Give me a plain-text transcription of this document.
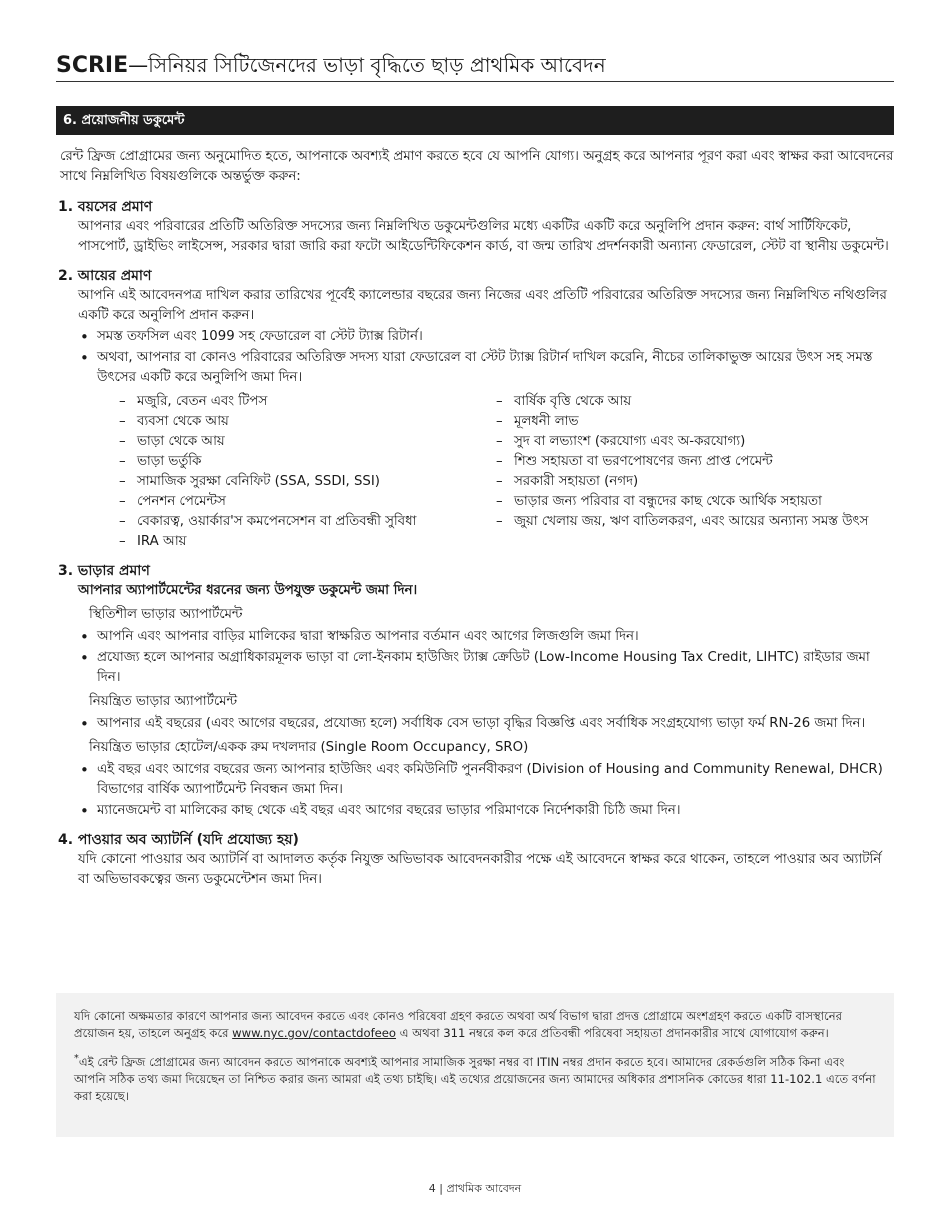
SCRIE—সিনিয়র সিটিজেনদের ভাড়া বৃদ্ধিতে ছাড় প্রাথমিক আবেদন
6. প্রয়োজনীয় ডকুমেন্ট

রেন্ট ফ্রিজ প্রোগ্রামের জন্য অনুমোদিত হতে, আপনাকে অবশ্যই প্রমাণ করতে হবে যে আপনি যোগ্য। অনুগ্রহ করে আপনার পূরণ করা এবং স্বাক্ষর করা আবেদনের সাথে নিম্নলিখিত বিষয়গুলিকে অন্তর্ভুক্ত করুন:

1. বয়সের প্রমাণ
আপনার এবং পরিবারের প্রতিটি অতিরিক্ত সদস্যের জন্য নিম্নলিখিত ডকুমেন্টগুলির মধ্যে একটির একটি করে অনুলিপি প্রদান করুন: বার্থ সার্টিফিকেট, পাসপোর্ট, ড্রাইভিং লাইসেন্স, সরকার দ্বারা জারি করা ফটো আইডেন্টিফিকেশন কার্ড, বা জন্ম তারিখ প্রদর্শনকারী অন্যান্য ফেডারেল, স্টেট বা স্থানীয় ডকুমেন্ট।
2. আয়ের প্রমাণ
আপনি এই আবেদনপত্র দাখিল করার তারিখের পূর্বেই ক্যালেন্ডার বছরের জন্য নিজের এবং প্রতিটি পরিবারের অতিরিক্ত সদস্যের জন্য নিম্নলিখিত নথিগুলির একটি করে অনুলিপি প্রদান করুন।
• সমস্ত তফসিল এবং 1099 সহ ফেডারেল বা স্টেট ট্যাক্স রিটার্ন।
• অথবা, আপনার বা কোনও পরিবারের অতিরিক্ত সদস্য যারা ফেডারেল বা স্টেট ট্যাক্স রিটার্ন দাখিল করেনি, নীচের তালিকাভুক্ত আয়ের উৎস সহ সমস্ত উৎসের একটি করে অনুলিপি জমা দিন।
– মজুরি, বেতন এবং টিপস
– ব্যবসা থেকে আয়
– ভাড়া থেকে আয়
– ভাড়া ভর্তুকি
– সামাজিক সুরক্ষা বেনিফিট (SSA, SSDI, SSI)
– পেনশন পেমেন্টস
– বেকারত্ব, ওয়ার্কার'স কমপেনসেশন বা প্রতিবন্ধী সুবিধা
– IRA আয়
– বার্ষিক বৃত্তি থেকে আয়
– মূলধনী লাভ
– সুদ বা লভ্যাংশ (করযোগ্য এবং অ-করযোগ্য)
– শিশু সহায়তা বা ভরণপোষণের জন্য প্রাপ্ত পেমেন্ট
– সরকারী সহায়তা (নগদ)
– ভাড়ার জন্য পরিবার বা বন্ধুদের কাছ থেকে আর্থিক সহায়তা
– জুয়া খেলায় জয়, ঋণ বাতিলকরণ, এবং আয়ের অন্যান্য সমস্ত উৎস
3. ভাড়ার প্রমাণ
আপনার অ্যাপার্টমেন্টের ধরনের জন্য উপযুক্ত ডকুমেন্ট জমা দিন।
স্থিতিশীল ভাড়ার অ্যাপার্টমেন্ট
• আপনি এবং আপনার বাড়ির মালিকের দ্বারা স্বাক্ষরিত আপনার বর্তমান এবং আগের লিজগুলি জমা দিন।
• প্রযোজ্য হলে আপনার অগ্রাধিকারমূলক ভাড়া বা লো-ইনকাম হাউজিং ট্যাক্স ক্রেডিট (Low-Income Housing Tax Credit, LIHTC) রাইডার জমা দিন।
নিয়ন্ত্রিত ভাড়ার অ্যাপার্টমেন্ট
• আপনার এই বছরের (এবং আগের বছরের, প্রযোজ্য হলে) সর্বাধিক বেস ভাড়া বৃদ্ধির বিজ্ঞপ্তি এবং সর্বাধিক সংগ্রহযোগ্য ভাড়া ফর্ম RN-26 জমা দিন।
নিয়ন্ত্রিত ভাড়ার হোটেল/একক রুম দখলদার (Single Room Occupancy, SRO)
• এই বছর এবং আগের বছরের জন্য আপনার হাউজিং এবং কমিউনিটি পুনর্নবীকরণ (Division of Housing and Community Renewal, DHCR) বিভাগের বার্ষিক অ্যাপার্টমেন্ট নিবন্ধন জমা দিন।
• ম্যানেজমেন্ট বা মালিকের কাছ থেকে এই বছর এবং আগের বছরের ভাড়ার পরিমাণকে নির্দেশকারী চিঠি জমা দিন।
4. পাওয়ার অব অ্যাটর্নি (যদি প্রযোজ্য হয়)
যদি কোনো পাওয়ার অব অ্যাটর্নি বা আদালত কর্তৃক নিযুক্ত অভিভাবক আবেদনকারীর পক্ষে এই আবেদনে স্বাক্ষর করে থাকেন, তাহলে পাওয়ার অব অ্যাটর্নি বা অভিভাবকত্বের জন্য ডকুমেন্টেশন জমা দিন।

যদি কোনো অক্ষমতার কারণে আপনার জন্য আবেদন করতে এবং কোনও পরিষেবা গ্রহণ করতে অথবা অর্থ বিভাগ দ্বারা প্রদত্ত প্রোগ্রামে অংশগ্রহণ করতে একটি বাসস্থানের প্রয়োজন হয়, তাহলে অনুগ্রহ করে www.nyc.gov/contactdofeeo এ অথবা 311 নম্বরে কল করে প্রতিবন্ধী পরিষেবা সহায়তা প্রদানকারীর সাথে যোগাযোগ করুন।

*এই রেন্ট ফ্রিজ প্রোগ্রামের জন্য আবেদন করতে আপনাকে অবশ্যই আপনার সামাজিক সুরক্ষা নম্বর বা ITIN নম্বর প্রদান করতে হবে। আমাদের রেকর্ডগুলি সঠিক কিনা এবং আপনি সঠিক তথ্য জমা দিয়েছেন তা নিশ্চিত করার জন্য আমরা এই তথ্য চাইছি। এই তথ্যের প্রয়োজনের জন্য আমাদের অধিকার প্রশাসনিক কোডের ধারা 11-102.1 এতে বর্ণনা করা হয়েছে।

4 | প্রাথমিক আবেদন
